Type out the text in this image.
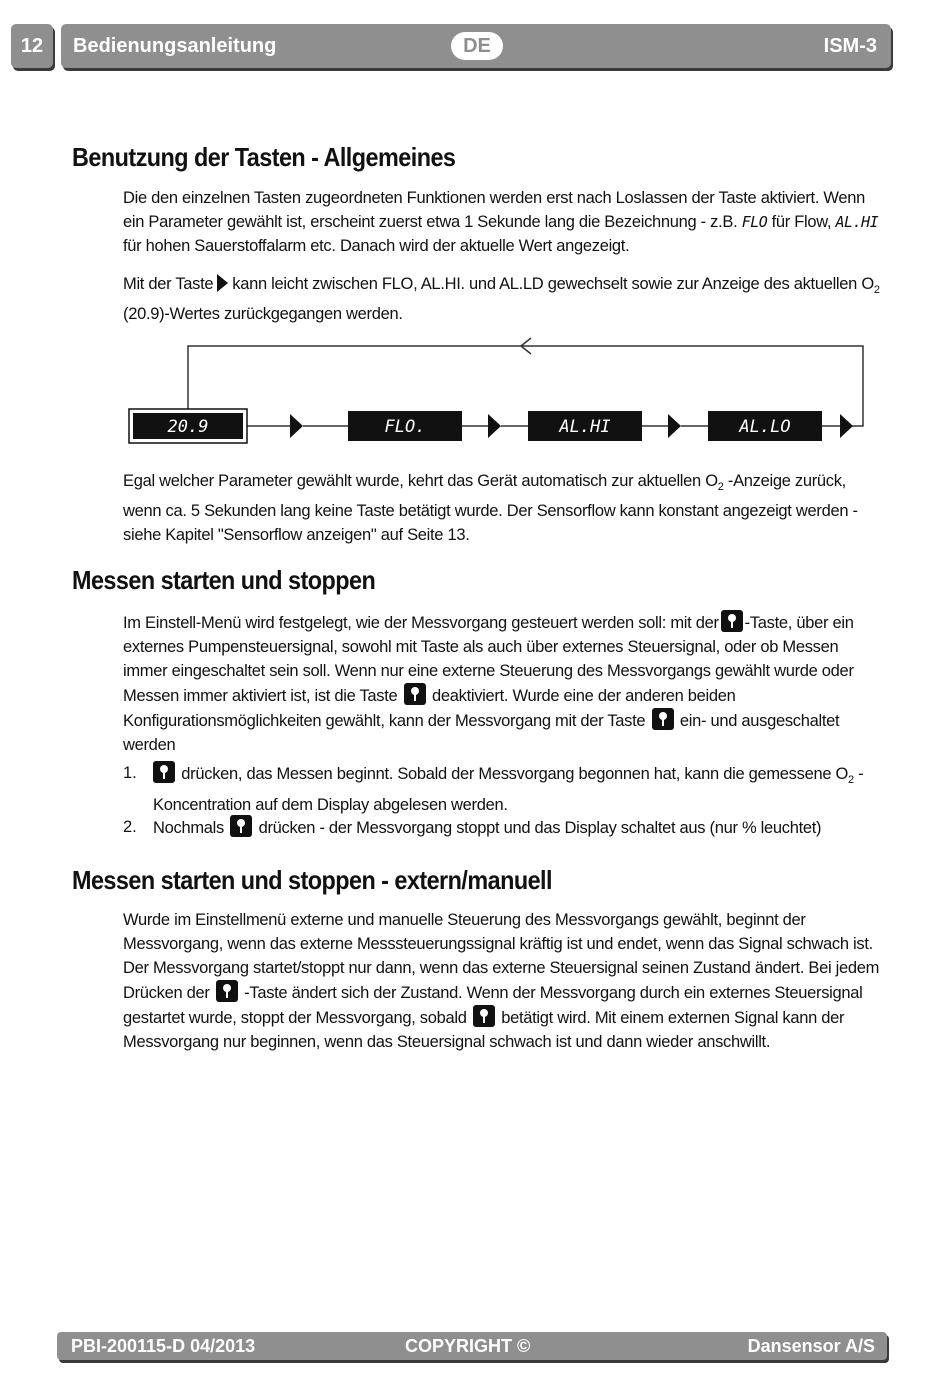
12	Bedienungsanleitung	DE	ISM-3
Benutzung der Tasten - Allgemeines

Die den einzelnen Tasten zugeordneten Funktionen werden erst nach Loslassen der Taste aktiviert. Wenn ein Parameter gewählt ist, erscheint zuerst etwa 1 Sekunde lang die Bezeichnung - z.B. FLO für Flow, AL.HI für hohen Sauerstoffalarm etc. Danach wird der aktuelle Wert angezeigt.

Mit der Taste kann leicht zwischen FLO, AL.HI. und AL.LD gewechselt sowie zur Anzeige des aktuellen $O_2$ (20.9)-Wertes zurückgegangen werden.

20.9	FLO.	AL.HI	AL.LO

Egal welcher Parameter gewählt wurde, kehrt das Gerät automatisch zur aktuellen $O_2$ -Anzeige zurück, wenn ca. 5 Sekunden lang keine Taste betätigt wurde. Der Sensorflow kann konstant angezeigt werden - siehe Kapitel "Sensorflow anzeigen" auf Seite 13.

Messen starten und stoppen

Im Einstell-Menü wird festgelegt, wie der Messvorgang gesteuert werden soll: mit der -Taste, über ein externes Pumpensteuersignal, sowohl mit Taste als auch über externes Steuersignal, oder ob Messen immer eingeschaltet sein soll. Wenn nur eine externe Steuerung des Messvorgangs gewählt wurde oder Messen immer aktiviert ist, ist die Taste deaktiviert. Wurde eine der anderen beiden Konfigurationsmöglichkeiten gewählt, kann der Messvorgang mit der Taste ein- und ausgeschaltet werden

1.	drücken, das Messen beginnt. Sobald der Messvorgang begonnen hat, kann die gemessene $O_2$ - Koncentration auf dem Display abgelesen werden.

2. Nochmals drücken - der Messvorgang stoppt und das Display schaltet aus (nur % leuchtet)

Messen starten und stoppen - extern/manuell

Wurde im Einstellmenü externe und manuelle Steuerung des Messvorgangs gewählt, beginnt der Messvorgang, wenn das externe Messsteuerungssignal kräftig ist und endet, wenn das Signal schwach ist. Der Messvorgang startet/stoppt nur dann, wenn das externe Steuersignal seinen Zustand ändert. Bei jedem Drücken der -Taste ändert sich der Zustand. Wenn der Messvorgang durch ein externes Steuersignal gestartet wurde, stoppt der Messvorgang, sobald betätigt wird. Mit einem externen Signal kann der Messvorgang nur beginnen, wenn das Steuersignal schwach ist und dann wieder anschwillt.

PBI-200115-D 04/2013	COPYRIGHT ©	Dansensor A/S
